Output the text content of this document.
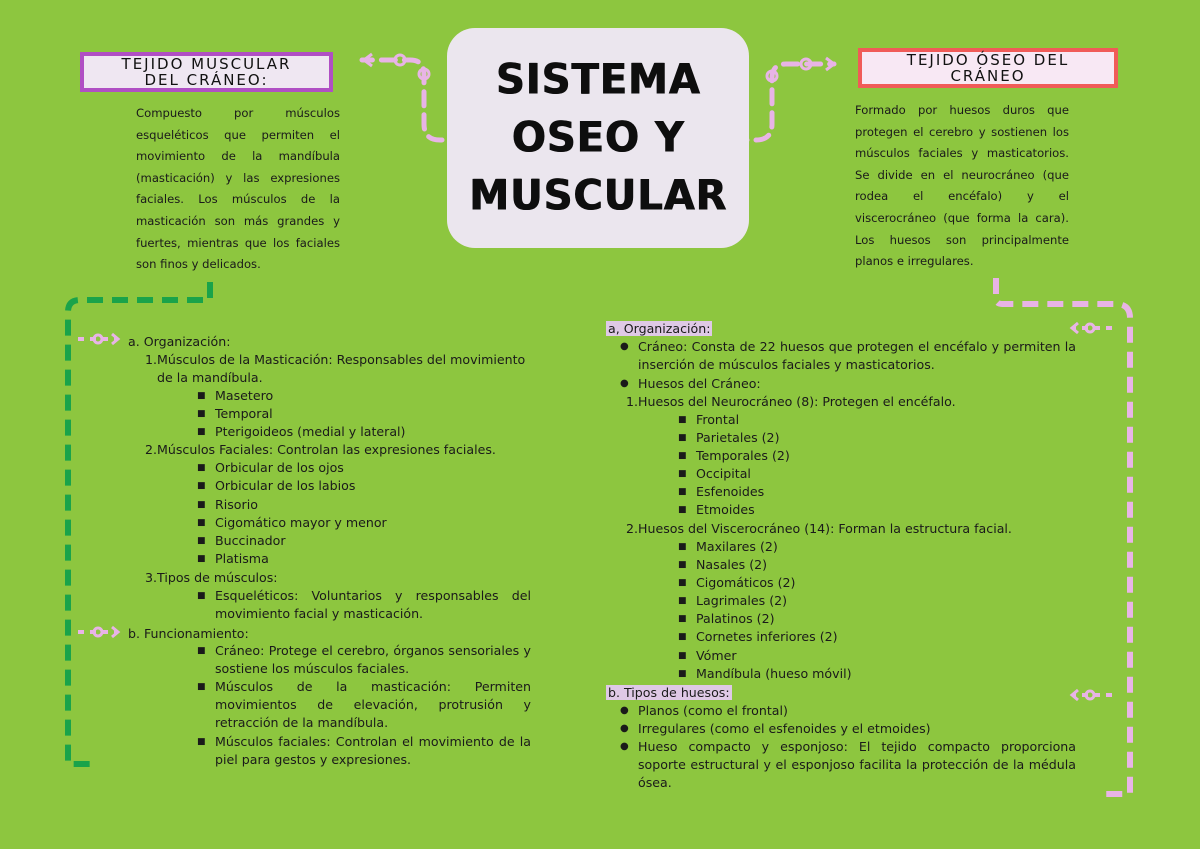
SISTEMA
OSEO Y
MUSCULAR
TEJIDO MUSCULAR
DEL CRÁNEO:
TEJIDO ÓSEO DEL
CRÁNEO
Compuesto por músculos esqueléticos que permiten el movimiento de la mandíbula (masticación) y las expresiones faciales. Los músculos de la masticación son más grandes y fuertes, mientras que los faciales son finos y delicados.
Formado por huesos duros que protegen el cerebro y sostienen los músculos faciales y masticatorios. Se divide en el neurocráneo (que rodea el encéfalo) y el viscerocráneo (que forma la cara). Los huesos son principalmente planos e irregulares.
a. Organización:
1.Músculos de la Masticación: Responsables del movimiento
de la mandíbula.
■ Masetero
■ Temporal
■ Pterigoideos (medial y lateral)
2.Músculos Faciales: Controlan las expresiones faciales.
■ Orbicular de los ojos
■ Orbicular de los labios
■ Risorio
■ Cigomático mayor y menor
■ Buccinador
■ Platisma
3.Tipos de músculos:
■ Esqueléticos: Voluntarios y responsables del movimiento facial y masticación.
b. Funcionamiento:
■ Cráneo: Protege el cerebro, órganos sensoriales y sostiene los músculos faciales.
■ Músculos de la masticación: Permiten movimientos de elevación, protrusión y retracción de la mandíbula.
■ Músculos faciales: Controlan el movimiento de la piel para gestos y expresiones.
a, Organización:
● Cráneo: Consta de 22 huesos que protegen el encéfalo y permiten la inserción de músculos faciales y masticatorios.
● Huesos del Cráneo:
1.Huesos del Neurocráneo (8): Protegen el encéfalo.
■ Frontal
■ Parietales (2)
■ Temporales (2)
■ Occipital
■ Esfenoides
■ Etmoides
2.Huesos del Viscerocráneo (14): Forman la estructura facial.
■ Maxilares (2)
■ Nasales (2)
■ Cigomáticos (2)
■ Lagrimales (2)
■ Palatinos (2)
■ Cornetes inferiores (2)
■ Vómer
■ Mandíbula (hueso móvil)
b. Tipos de huesos:
● Planos (como el frontal)
● Irregulares (como el esfenoides y el etmoides)
● Hueso compacto y esponjoso: El tejido compacto proporciona soporte estructural y el esponjoso facilita la protección de la médula ósea.
